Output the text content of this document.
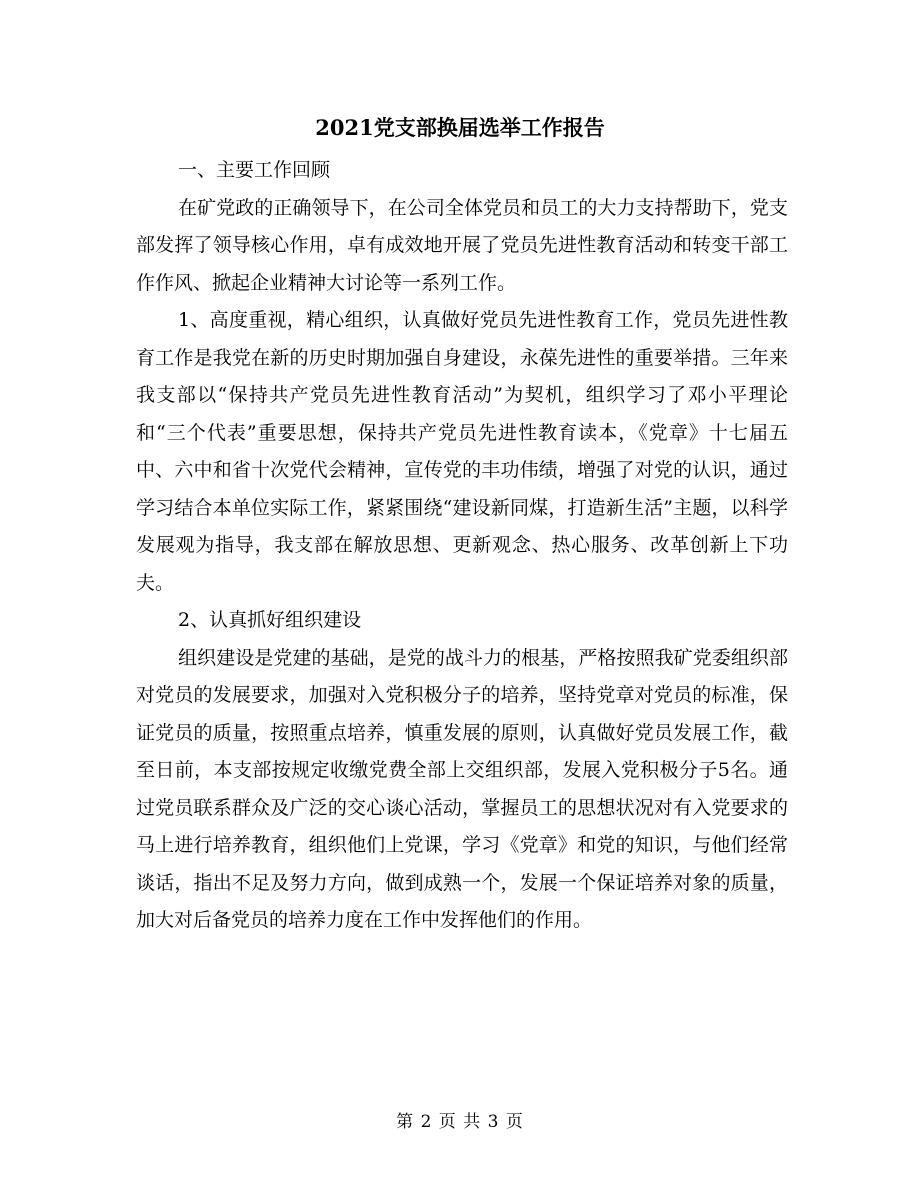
2021党支部换届选举工作报告

一、主要工作回顾

在矿党政的正确领导下，在公司全体党员和员工的大力支持帮助下，党支部发挥了领导核心作用，卓有成效地开展了党员先进性教育活动和转变干部工作作风、掀起企业精神大讨论等一系列工作。

1、高度重视，精心组织，认真做好党员先进性教育工作，党员先进性教育工作是我党在新的历史时期加强自身建设，永葆先进性的重要举措。三年来我支部以“保持共产党员先进性教育活动”为契机，组织学习了邓小平理论和“三个代表”重要思想，保持共产党员先进性教育读本，《党章》十七届五中、六中和省十次党代会精神，宣传党的丰功伟绩，增强了对党的认识，通过学习结合本单位实际工作，紧紧围绕“建设新同煤，打造新生活”主题，以科学发展观为指导，我支部在解放思想、更新观念、热心服务、改革创新上下功夫。

2、认真抓好组织建设

组织建设是党建的基础，是党的战斗力的根基，严格按照我矿党委组织部对党员的发展要求，加强对入党积极分子的培养，坚持党章对党员的标准，保证党员的质量，按照重点培养，慎重发展的原则，认真做好党员发展工作，截至日前，本支部按规定收缴党费全部上交组织部，发展入党积极分子5名。通过党员联系群众及广泛的交心谈心活动，掌握员工的思想状况对有入党要求的马上进行培养教育，组织他们上党课，学习《党章》和党的知识，与他们经常谈话，指出不足及努力方向，做到成熟一个，发展一个保证培养对象的质量，加大对后备党员的培养力度在工作中发挥他们的作用。

第 2 页 共 3 页
